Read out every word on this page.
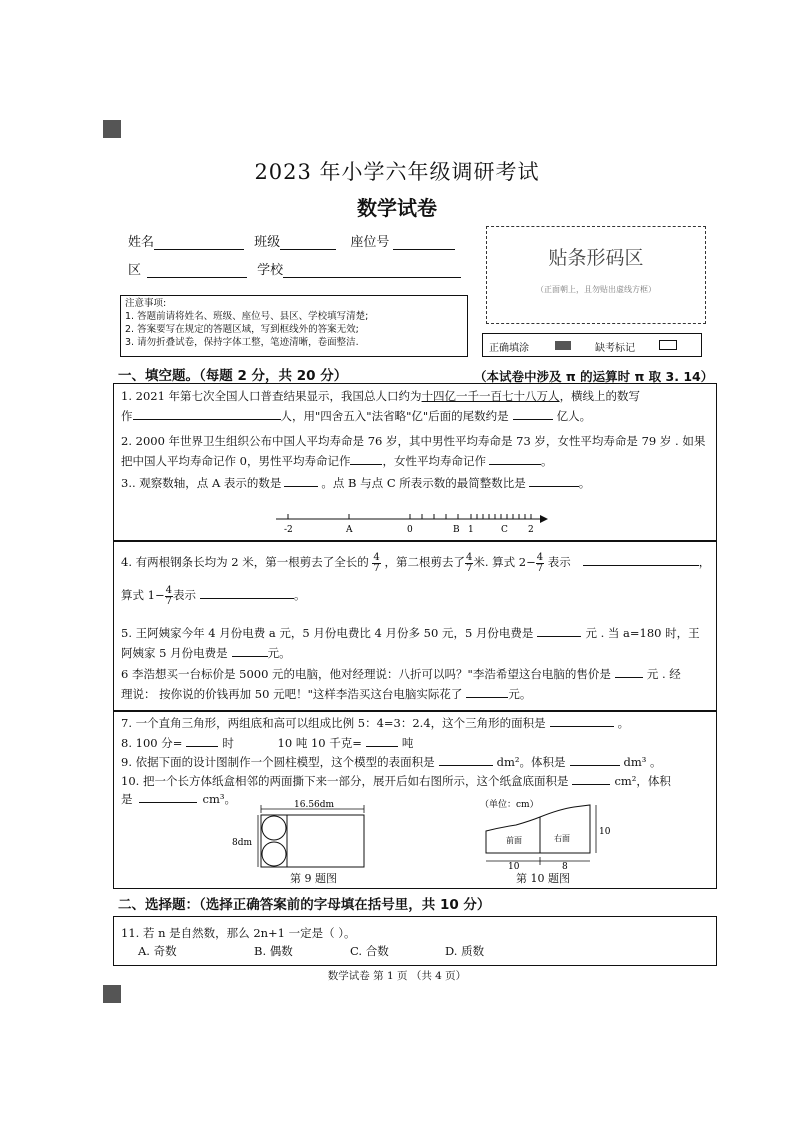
2023 年小学六年级调研考试
数学试卷
姓名	班级	座位号
区	学校
注意事项:
1. 答题前请将姓名、班级、座位号、县区、学校填写清楚;
2. 答案要写在规定的答题区域，写到框线外的答案无效;
3. 请勿折叠试卷，保持字体工整，笔迹清晰，卷面整洁.
贴条形码区
（正面朝上，且勿贴出虚线方框）
正确填涂	缺考标记
一、填空题。（每题 2 分，共 20 分）	（本试卷中涉及 π 的运算时 π 取 3. 14）
1. 2021 年第七次全国人口普查结果显示，我国总人口约为十四亿一千一百七十八万人，横线上的数写
作	人，用"四舍五入"法省略"亿"后面的尾数约是	亿人。
2. 2000 年世界卫生组织公布中国人平均寿命是 76 岁，其中男性平均寿命是 73 岁，女性平均寿命是 79 岁 . 如果
把中国人平均寿命记作 0，男性平均寿命记作	，女性平均寿命记作	。
3.. 观察数轴，点 A 表示的数是	。点 B 与点 C 所表示数的最简整数比是	。
-2	A	0	B 1	C 2
4. 有两根钢条长均为 2 米，第一根剪去了全长的 $\frac{4}{7}$ ，第二根剪去了 $\frac{4}{7}$ 米. 算式 $2- \frac{4}{7}$ 表示	，
算式 $1- \frac{4}{7}$ 表示	。
5. 王阿姨家今年 4 月份电费 a 元，5 月份电费比 4 月份多 50 元，5 月份电费是	元 . 当 a=180 时，王
阿姨家 5 月份电费是	元。
6 李浩想买一台标价是 5000 元的电脑，他对经理说：八折可以吗？"李浩希望这台电脑的售价是	元 . 经
理说： 按你说的价钱再加 50 元吧！"这样李浩买这台电脑实际花了	元。
7. 一个直角三角形，两组底和高可以组成比例 5：4=3：2.4，这个三角形的面积是	。
8. 100 分=	时	10 吨 10 千克=	吨
9. 依据下面的设计图制作一个圆柱模型，这个模型的表面积是	dm²。体积是	dm³ 。
10. 把一个长方体纸盒相邻的两面撕下来一部分，展开后如右图所示，这个纸盒底面积是	cm²，体积
是	cm³。	16.56dm
8dm
第 9 题图
（单位：cm）
前面	右面
10
10	8
第 10 题图
二、选择题：（选择正确答案前的字母填在括号里，共 10 分）
11. 若 n 是自然数，那么 2n+1 一定是（ ）。
A. 奇数	B. 偶数	C. 合数	D. 质数
数学试卷 第 1 页 （共 4 页）
